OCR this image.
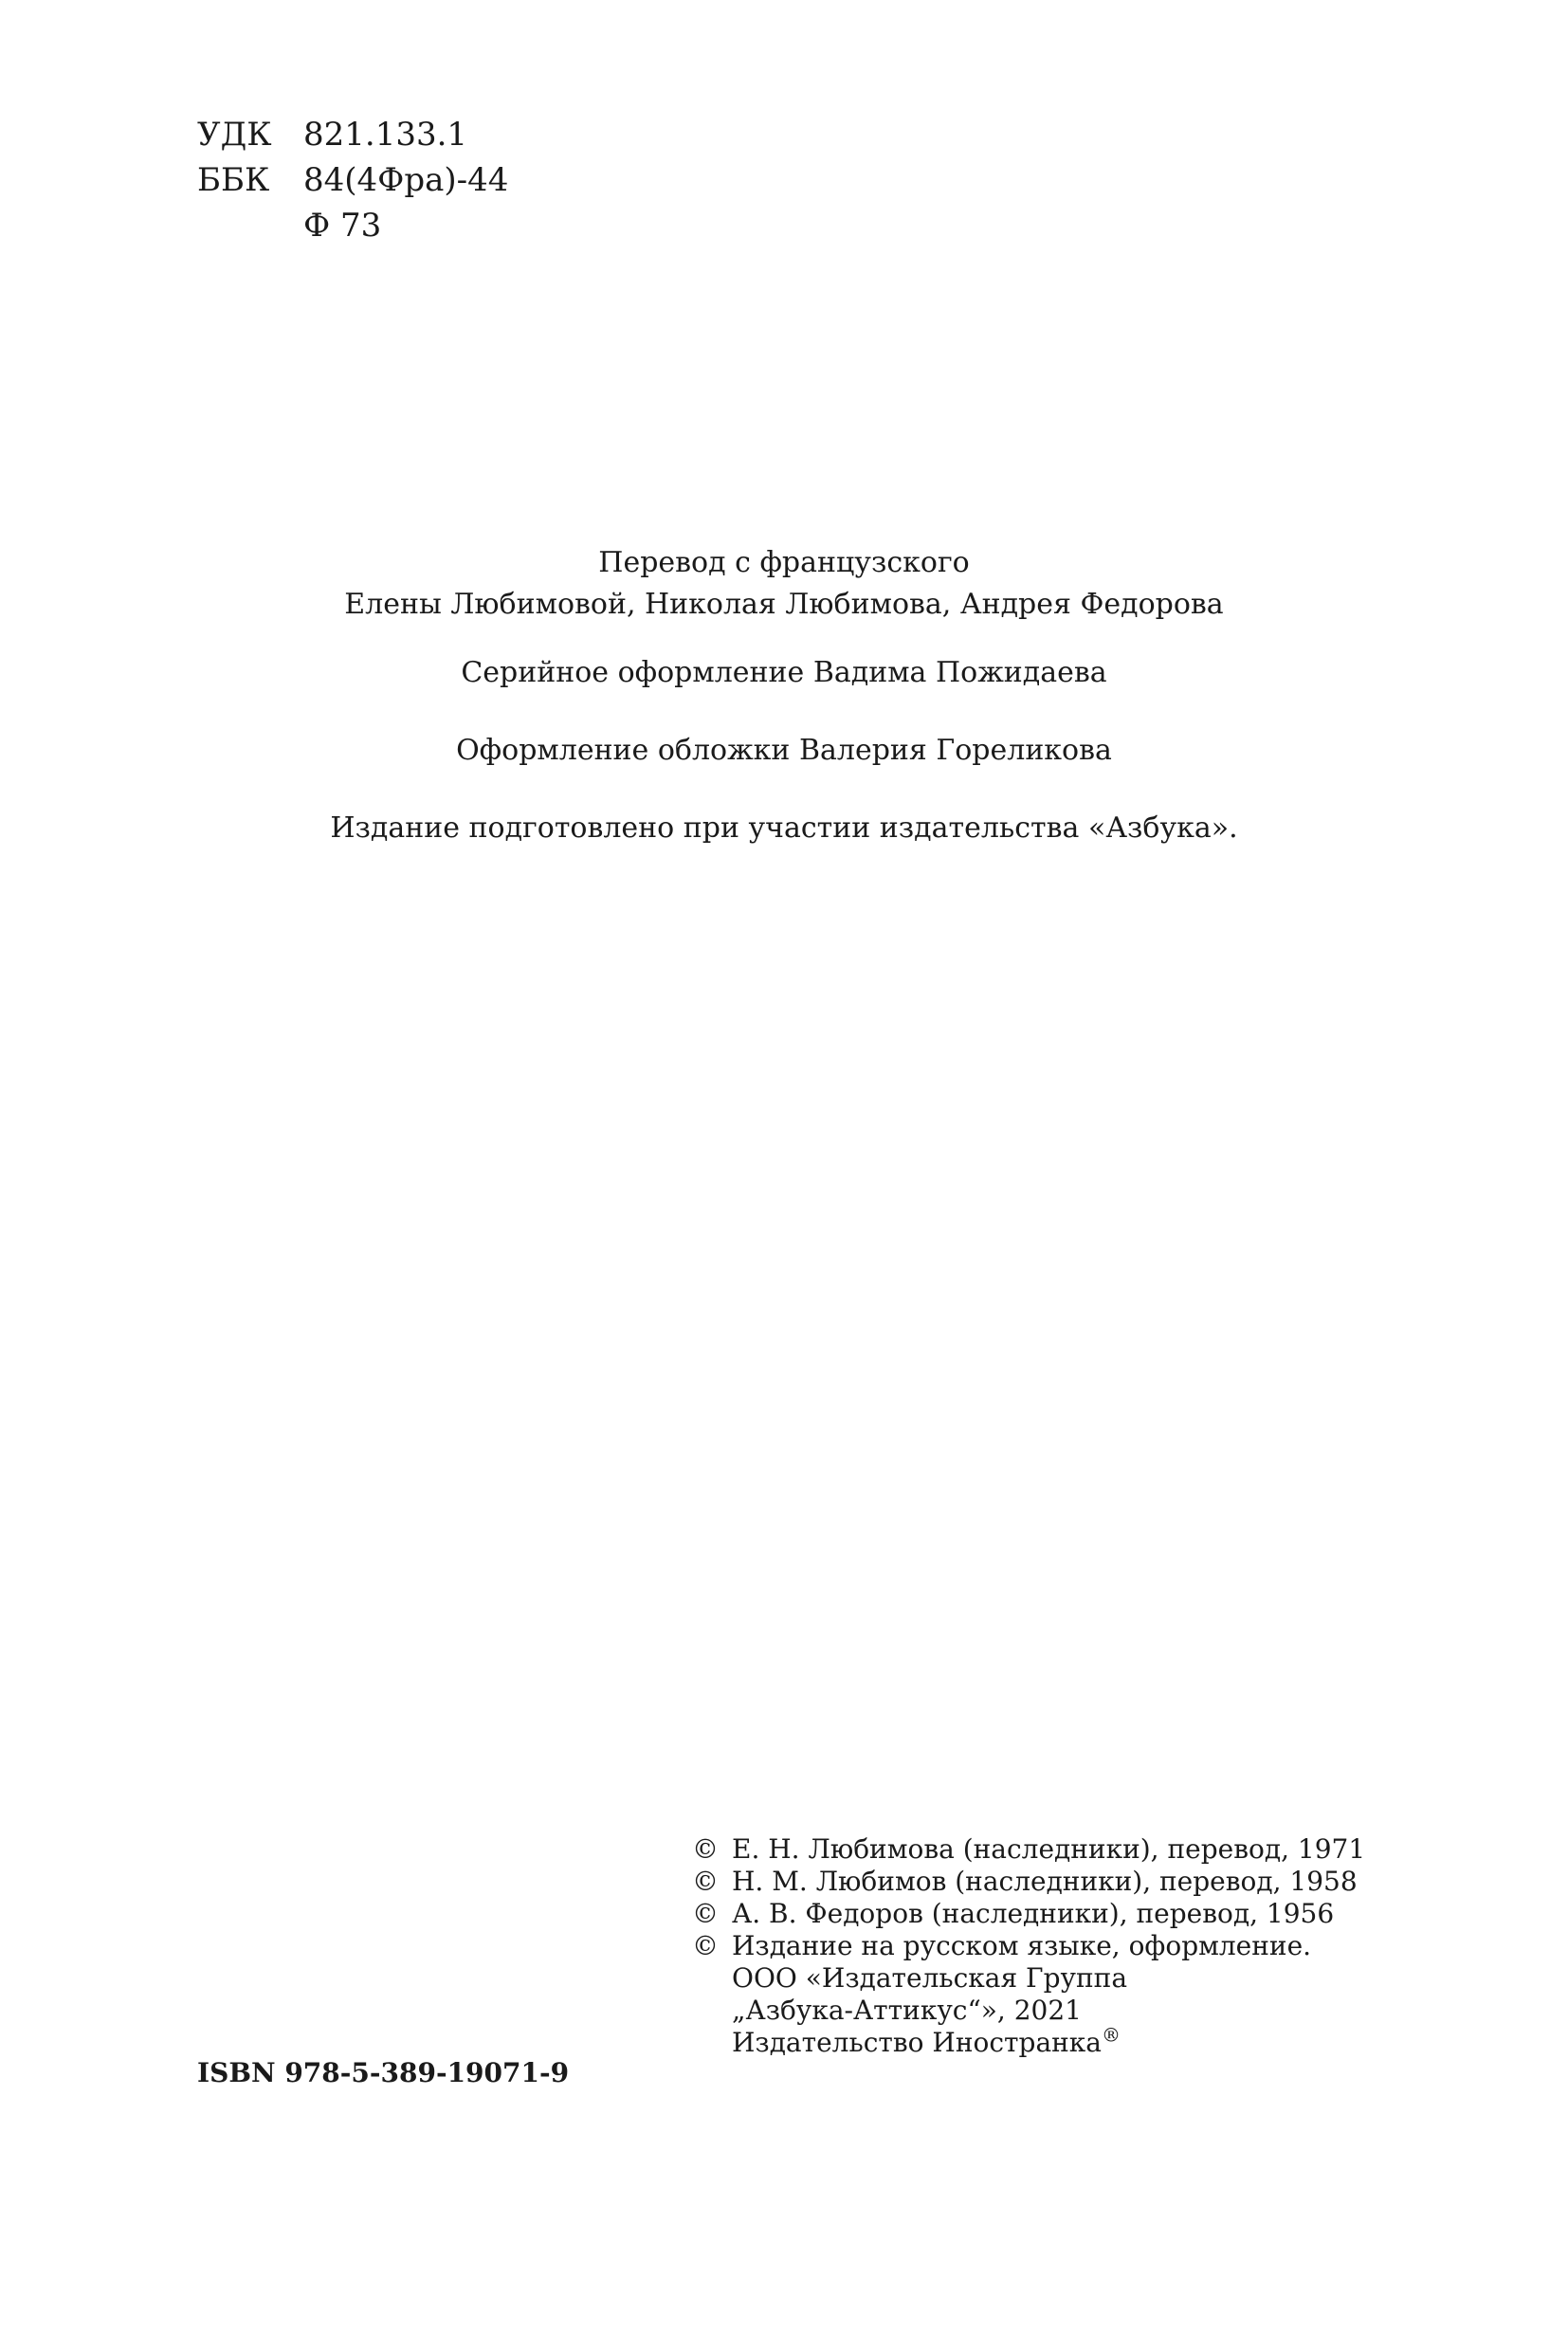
УДК 821.133.1
ББК	84(4Фра)-44
Ф 73

Перевод с французского

Елены Любимовой, Николая Любимова, Андрея Федорова

Серийное оформление Вадима Пожидаева

Оформление обложки Валерия Гореликова

Издание подготовлено при участии издательства «Азбука».

© Е. Н. Любимова (наследники), перевод, 1971
© Н. М. Любимов (наследники), перевод, 1958
© А. В. Федоров (наследники), перевод, 1956
© Издание на русском языке, оформление.
ООО «Издательская Группа
„Азбука-Аттикус“», 2021
Издательство Иностранка®
ISBN 978-5-389-19071-9
